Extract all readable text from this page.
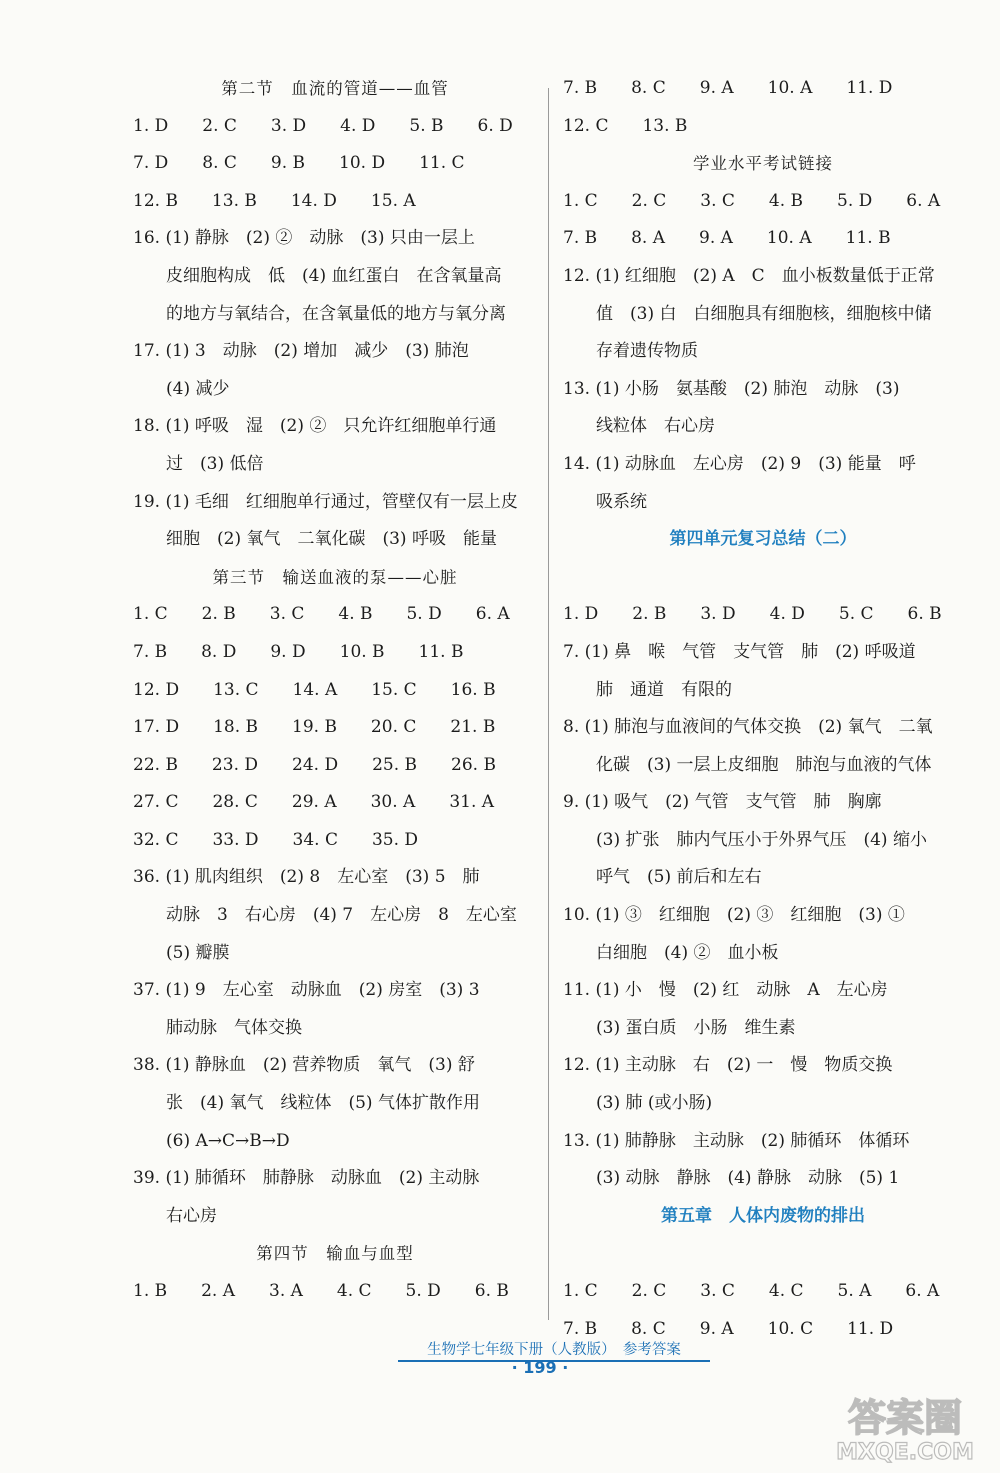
第二节　血流的管道——血管
1. D　　2. C　　3. D　　4. D　　5. B　　6. D
7. D　　8. C　　9. B　　10. D　　11. C
12. B　　13. B　　14. D　　15. A
16. (1) 静脉　(2) ②　动脉　(3) 只由一层上
皮细胞构成　低　(4) 血红蛋白　在含氧量高
的地方与氧结合，在含氧量低的地方与氧分离
17. (1) 3　动脉　(2) 增加　减少　(3) 肺泡
(4) 减少
18. (1) 呼吸　湿　(2) ②　只允许红细胞单行通
过　(3) 低倍
19. (1) 毛细　红细胞单行通过，管壁仅有一层上皮
细胞　(2) 氧气　二氧化碳　(3) 呼吸　能量
第三节　输送血液的泵——心脏
1. C　　2. B　　3. C　　4. B　　5. D　　6. A
7. B　　8. D　　9. D　　10. B　　11. B
12. D　　13. C　　14. A　　15. C　　16. B
17. D　　18. B　　19. B　　20. C　　21. B
22. B　　23. D　　24. D　　25. B　　26. B
27. C　　28. C　　29. A　　30. A　　31. A
32. C　　33. D　　34. C　　35. D
36. (1) 肌肉组织　(2) 8　左心室　(3) 5　肺
动脉　3　右心房　(4) 7　左心房　8　左心室
(5) 瓣膜
37. (1) 9　左心室　动脉血　(2) 房室　(3) 3
肺动脉　气体交换
38. (1) 静脉血　(2) 营养物质　氧气　(3) 舒
张　(4) 氧气　线粒体　(5) 气体扩散作用
(6) A→C→B→D
39. (1) 肺循环　肺静脉　动脉血　(2) 主动脉
右心房
第四节　输血与血型
1. B　　2. A　　3. A　　4. C　　5. D　　6. B
7. B　　8. C　　9. A　　10. A　　11. D
12. C　　13. B
学业水平考试链接
1. C　　2. C　　3. C　　4. B　　5. D　　6. A
7. B　　8. A　　9. A　　10. A　　11. B
12. (1) 红细胞　(2) A　C　血小板数量低于正常
值　(3) 白　白细胞具有细胞核，细胞核中储
存着遗传物质
13. (1) 小肠　氨基酸　(2) 肺泡　动脉　(3)
线粒体　右心房
14. (1) 动脉血　左心房　(2) 9　(3) 能量　呼
吸系统
第四单元复习总结（二）
1. D　　2. B　　3. D　　4. D　　5. C　　6. B
7. (1) 鼻　喉　气管　支气管　肺　(2) 呼吸道
肺　通道　有限的
8. (1) 肺泡与血液间的气体交换　(2) 氧气　二氧
化碳　(3) 一层上皮细胞　肺泡与血液的气体
9. (1) 吸气　(2) 气管　支气管　肺　胸廓
(3) 扩张　肺内气压小于外界气压　(4) 缩小
呼气　(5) 前后和左右
10. (1) ③　红细胞　(2) ③　红细胞　(3) ①
白细胞　(4) ②　血小板
11. (1) 小　慢　(2) 红　动脉　A　左心房
(3) 蛋白质　小肠　维生素
12. (1) 主动脉　右　(2) 一　慢　物质交换
(3) 肺 (或小肠)
13. (1) 肺静脉　主动脉　(2) 肺循环　体循环
(3) 动脉　静脉　(4) 静脉　动脉　(5) 1
第五章　人体内废物的排出
1. C　　2. C　　3. C　　4. C　　5. A　　6. A
7. B　　8. C　　9. A　　10. C　　11. D
生物学七年级下册（人教版）　参考答案
· 199 ·
答案圈
MXQE.COM
